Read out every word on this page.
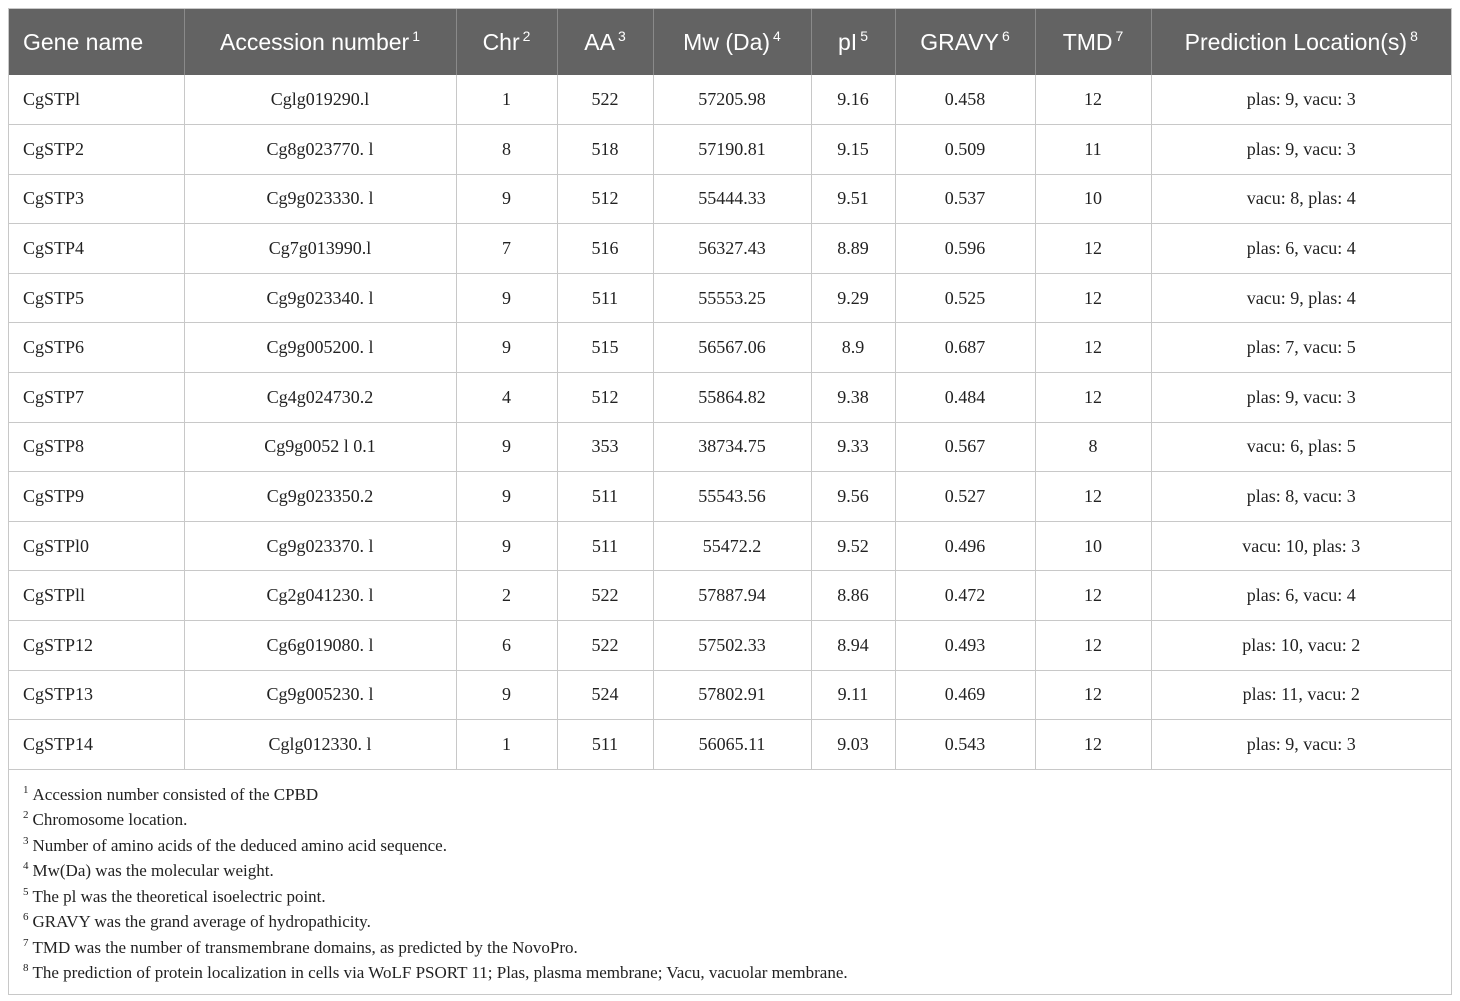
Gene name	Accession number $^1$	Chr $^2$	AA $^3$	Mw (Da) $^4$	pI $^5$	GRAVY $^6$	TMD $^7$	Prediction Location(s) $^8$
CgSTPl	Cglg019290.l	1	522	57205.98	9.16	0.458	12	plas: 9, vacu: 3
CgSTP2	Cg8g023770. l	8	518	57190.81	9.15	0.509	11	plas: 9, vacu: 3
CgSTP3	Cg9g023330. l	9	512	55444.33	9.51	0.537	10	vacu: 8, plas: 4
CgSTP4	Cg7g013990.l	7	516	56327.43	8.89	0.596	12	plas: 6, vacu: 4
CgSTP5	Cg9g023340. l	9	511	55553.25	9.29	0.525	12	vacu: 9, plas: 4
CgSTP6	Cg9g005200. l	9	515	56567.06	8.9	0.687	12	plas: 7, vacu: 5
CgSTP7	Cg4g024730.2	4	512	55864.82	9.38	0.484	12	plas: 9, vacu: 3
CgSTP8	Cg9g0052 l 0.1	9	353	38734.75	9.33	0.567	8	vacu: 6, plas: 5
CgSTP9	Cg9g023350.2	9	511	55543.56	9.56	0.527	12	plas: 8, vacu: 3
CgSTPl0	Cg9g023370. l	9	511	55472.2	9.52	0.496	10	vacu: 10, plas: 3
CgSTPll	Cg2g041230. l	2	522	57887.94	8.86	0.472	12	plas: 6, vacu: 4
CgSTP12	Cg6g019080. l	6	522	57502.33	8.94	0.493	12	plas: 10, vacu: 2
CgSTP13	Cg9g005230. l	9	524	57802.91	9.11	0.469	12	plas: 11, vacu: 2
CgSTP14	Cglg012330. l	1	511	56065.11	9.03	0.543	12	plas: 9, vacu: 3
$^1$ Accession number consisted of the CPBD
$^2$ Chromosome location.
$^3$ Number of amino acids of the deduced amino acid sequence.
$^4$ Mw(Da) was the molecular weight.
$^5$ The pl was the theoretical isoelectric point.
$^6$ GRAVY was the grand average of hydropathicity.
$^7$ TMD was the number of transmembrane domains, as predicted by the NovoPro.
$^8$ The prediction of protein localization in cells via WoLF PSORT 11; Plas, plasma membrane; Vacu, vacuolar membrane.
